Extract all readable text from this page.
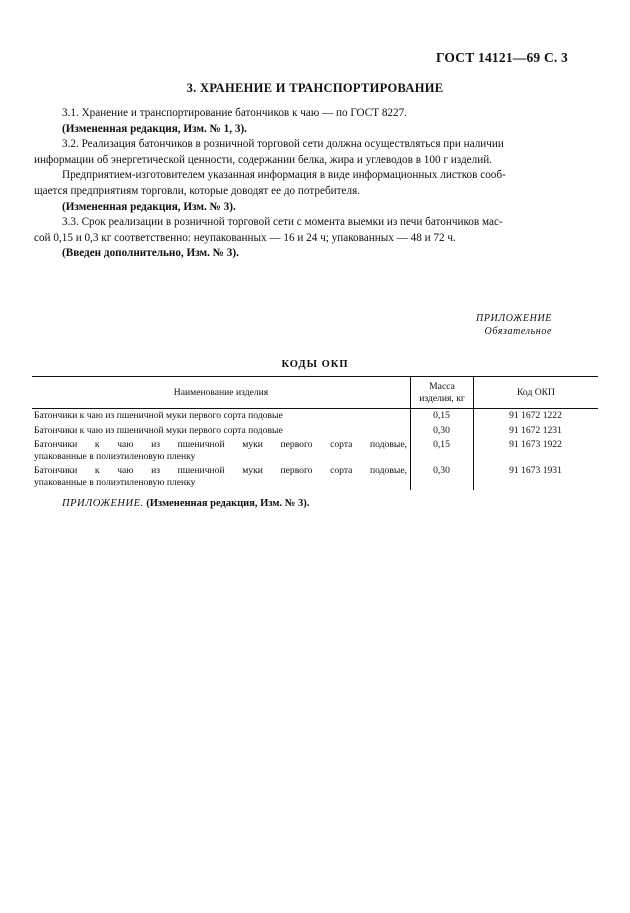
ГОСТ 14121—69 С. 3
3. ХРАНЕНИЕ И ТРАНСПОРТИРОВАНИЕ

3.1. Хранение и транспортирование батончиков к чаю — по ГОСТ 8227.

(Измененная редакция, Изм. № 1, 3).

3.2. Реализация батончиков в розничной торговой сети должна осуществляться при наличии

информации об энергетической ценности, содержании белка, жира и углеводов в 100 г изделий.

Предприятием-изготовителем указанная информация в виде информационных листков сооб-

щается предприятиям торговли, которые доводят ее до потребителя.

(Измененная редакция, Изм. № 3).

3.3. Срок реализации в розничной торговой сети с момента выемки из печи батончиков мас-

сой 0,15 и 0,3 кг соответственно: неупакованных — 16 и 24 ч; упакованных — 48 и 72 ч.

(Введен дополнительно, Изм. № 3).

ПРИЛОЖЕНИЕ
Обязательное
КОДЫ ОКП
Наименование изделия	Масса изделия, кг	Код ОКП
Батончики к чаю из пшеничной муки первого сорта подовые	0,15	91 1672 1222
Батончики к чаю из пшеничной муки первого сорта подовые	0,30	91 1672 1231

Батончики к чаю из пшеничной муки первого сорта подовые,
упакованные в полиэтиленовую пленку	0,15	91 1673 1922

Батончики к чаю из пшеничной муки первого сорта подовые,
упакованные в полиэтиленовую пленку	0,30	91 1673 1931
ПРИЛОЖЕНИЕ. (Измененная редакция, Изм. № 3).
